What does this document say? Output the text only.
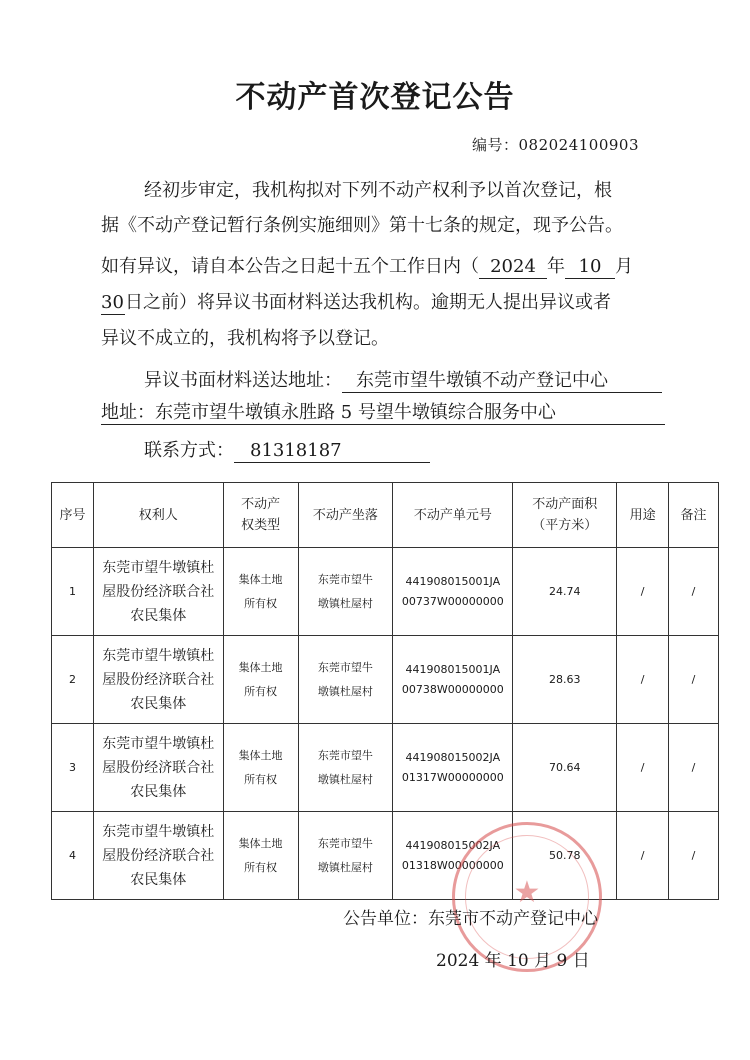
不动产首次登记公告
编号：082024100903
经初步审定，我机构拟对下列不动产权利予以首次登记，根
据《不动产登记暂行条例实施细则》第十七条的规定，现予公告。
如有异议，请自本公告之日起十五个工作日内（ 2024 年 10 月
30日之前）将异议书面材料送达我机构。逾期无人提出异议或者
异议不成立的，我机构将予以登记。
异议书面材料送达地址： 东莞市望牛墩镇不动产登记中心
地址：东莞市望牛墩镇永胜路 5 号望牛墩镇综合服务中心
联系方式： 81318187
序号	权利人	不动产权类型	不动产坐落	不动产单元号	不动产面积（平方米）	用途	备注
1	东莞市望牛墩镇杜屋股份经济联合社农民集体	集体土地所有权	东莞市望牛墩镇杜屋村	441908015001JA
00737W00000000	24.74	/	/
2	东莞市望牛墩镇杜屋股份经济联合社农民集体	集体土地所有权	东莞市望牛墩镇杜屋村	441908015001JA
00738W00000000	28.63	/	/
3	东莞市望牛墩镇杜屋股份经济联合社农民集体	集体土地所有权	东莞市望牛墩镇杜屋村	441908015002JA
01317W00000000	70.64	/	/
4	东莞市望牛墩镇杜屋股份经济联合社农民集体	集体土地所有权	东莞市望牛墩镇杜屋村	441908015002JA
01318W00000000	50.78	/	/
★
公告单位：东莞市不动产登记中心
2024 年 10 月 9 日
